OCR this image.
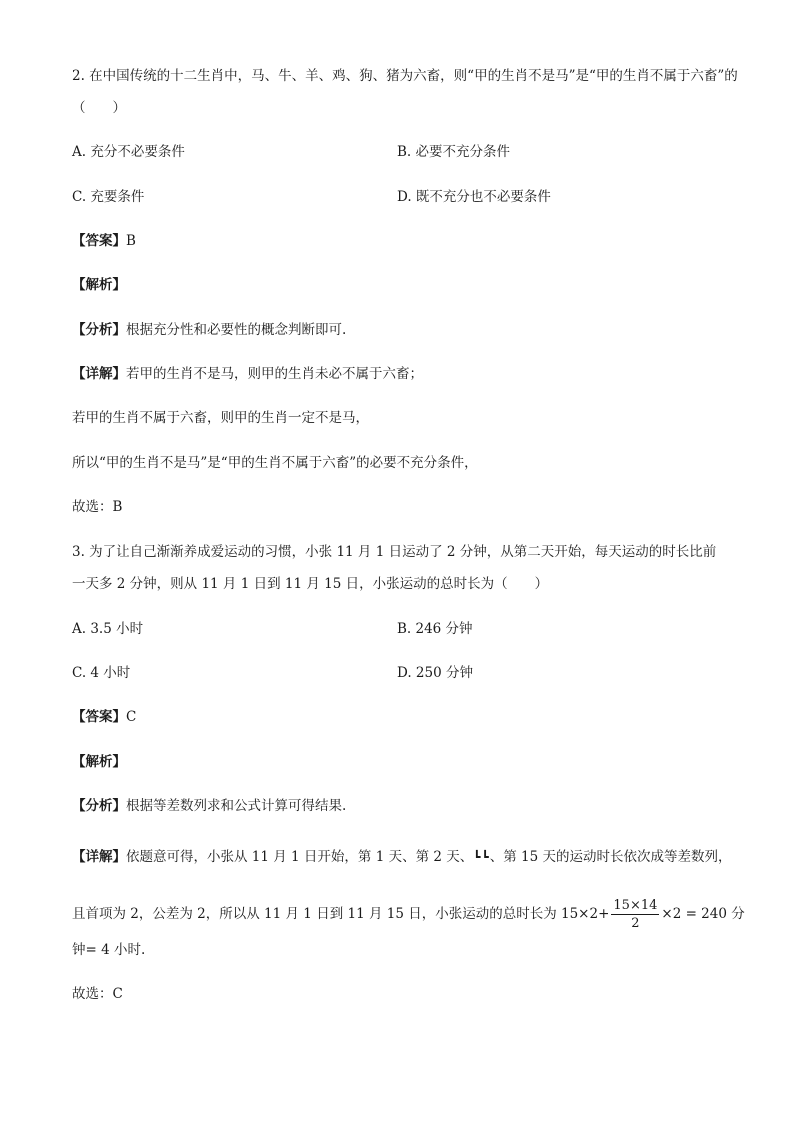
2. 在中国传统的十二生肖中，马、牛、羊、鸡、狗、猪为六畜，则“甲的生肖不是马”是“甲的生肖不属于六畜”的
（　　）
A. 充分不必要条件	B. 必要不充分条件
C. 充要条件	D. 既不充分也不必要条件
【答案】B
【解析】
【分析】根据充分性和必要性的概念判断即可.
【详解】若甲的生肖不是马，则甲的生肖未必不属于六畜；
若甲的生肖不属于六畜，则甲的生肖一定不是马，
所以“甲的生肖不是马”是“甲的生肖不属于六畜”的必要不充分条件，
故选：B
3. 为了让自己渐渐养成爱运动的习惯，小张 11 月 1 日运动了 2 分钟，从第二天开始，每天运动的时长比前
一天多 2 分钟，则从 11 月 1 日到 11 月 15 日，小张运动的总时长为（　　）
A. 3.5 小时	B. 246 分钟
C. 4 小时	D. 250 分钟
【答案】C
【解析】
【分析】根据等差数列求和公式计算可得结果.
【详解】依题意可得，小张从 11 月 1 日开始，第 1 天、第 2 天、┗┗、第 15 天的运动时长依次成等差数列，
且首项为 2，公差为 2，所以从 11 月 1 日到 11 月 15 日，小张运动的总时长为 $15\times 2+ \frac{15\times 14}{2} \times 2 = 240$ 分
钟= 4 小时.
故选：C
